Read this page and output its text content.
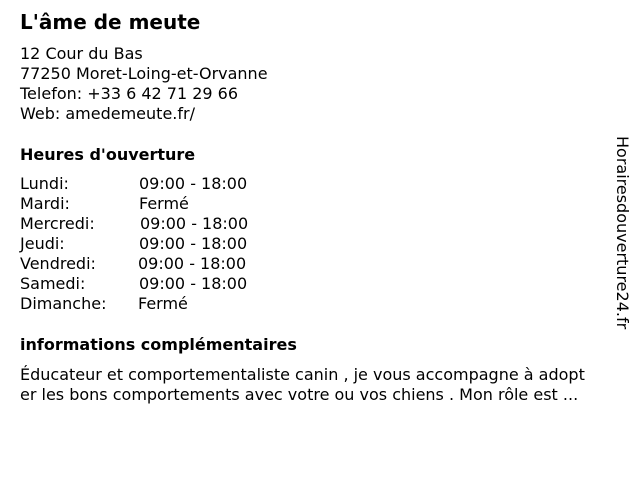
L'âme de meute
12 Cour du Bas
77250 Moret-Loing-et-Orvanne
Telefon: +33 6 42 71 29 66
Web: amedemeute.fr/
Heures d'ouverture
Lundi:	09:00 - 18:00
Mardi:	Fermé
Mercredi:	09:00 - 18:00
Jeudi:	09:00 - 18:00
Vendredi:	09:00 - 18:00
Samedi:	09:00 - 18:00
Dimanche: Fermé
informations complémentaires
Éducateur et comportementaliste canin , je vous accompagne à adopt
er les bons comportements avec votre ou vos chiens . Mon rôle est ...
Horairesdouverture24.fr
